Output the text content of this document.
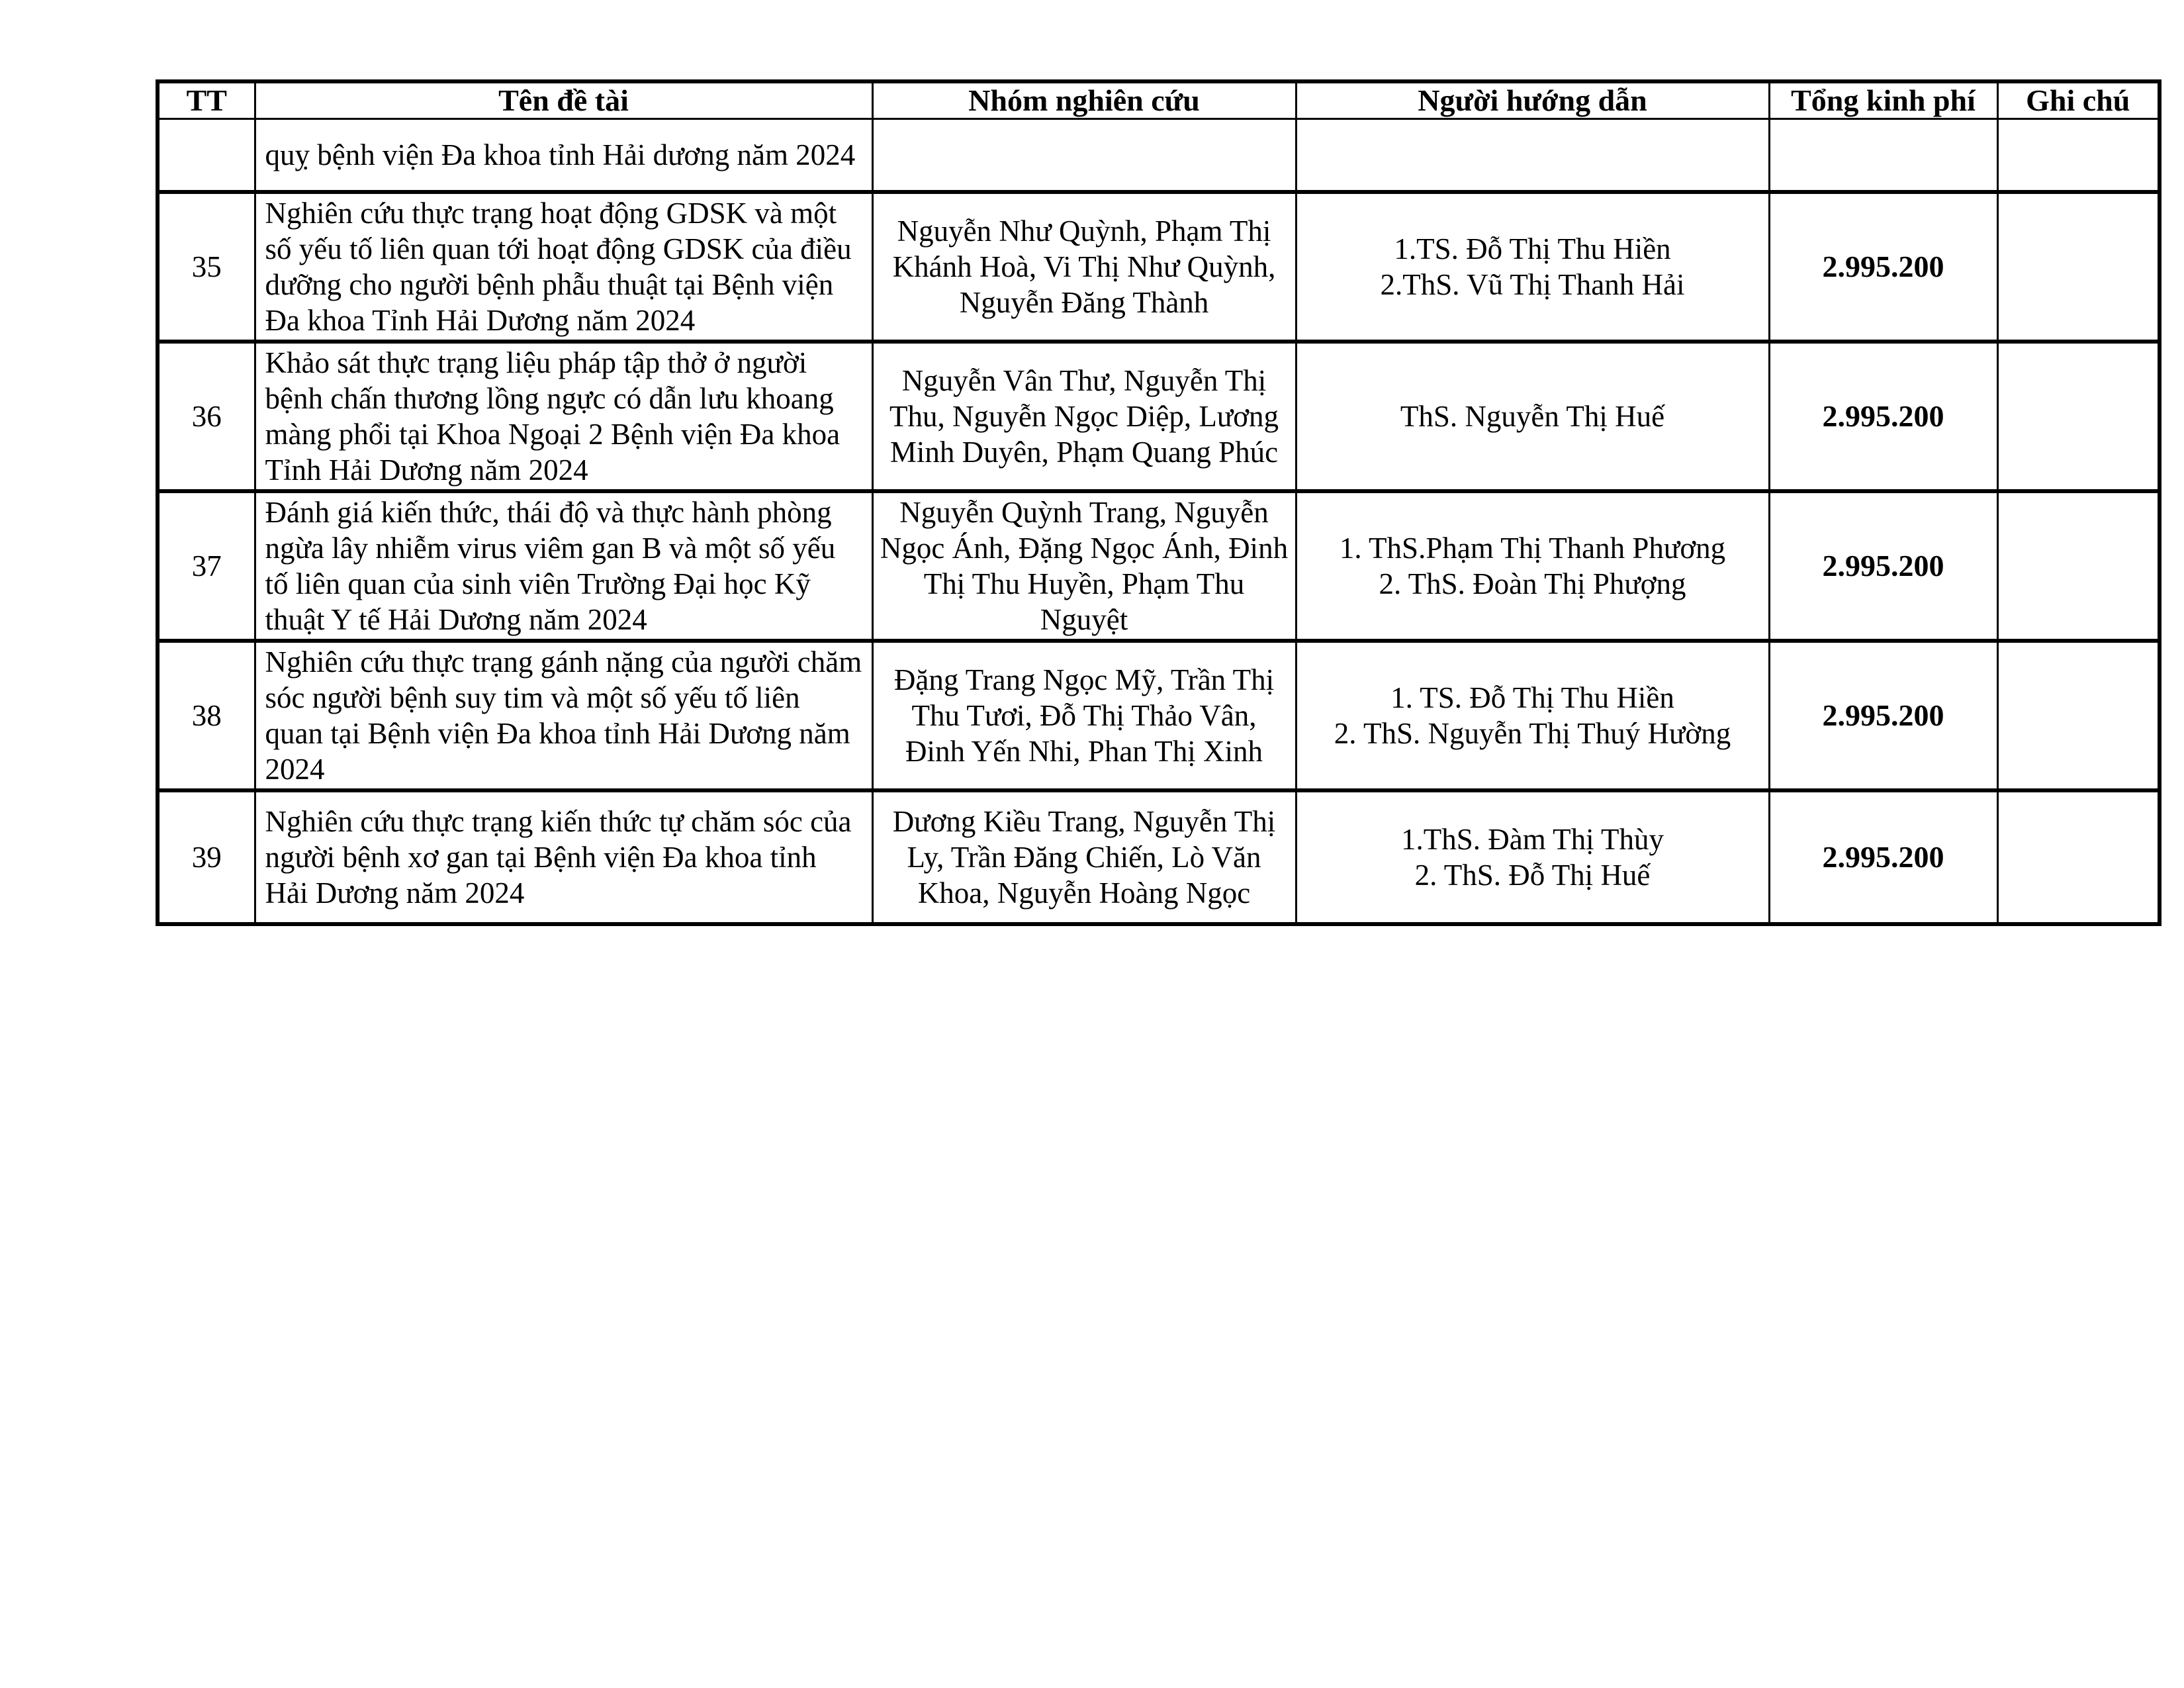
TT	Tên đề tài	Nhóm nghiên cứu	Người hướng dẫn	Tổng kinh phí	Ghi chú
	quỵ bệnh viện Đa khoa tỉnh Hải dương năm 2024		

35	Nghiên cứu thực trạng hoạt động GDSK và một số yếu tố liên quan tới hoạt động GDSK của điều dưỡng cho người bệnh phẫu thuật tại Bệnh viện Đa khoa Tỉnh Hải Dương năm 2024	Nguyễn Như Quỳnh, Phạm Thị Khánh Hoà, Vi Thị Như Quỳnh, Nguyễn Đăng Thành	1.TS. Đỗ Thị Thu Hiền
2.ThS. Vũ Thị Thanh Hải	2.995.200	
36	Khảo sát thực trạng liệu pháp tập thở ở người bệnh chấn thương lồng ngực có dẫn lưu khoang màng phổi tại Khoa Ngoại 2 Bệnh viện Đa khoa Tỉnh Hải Dương năm 2024	Nguyễn Vân Thư, Nguyễn Thị Thu, Nguyễn Ngọc Diệp, Lương Minh Duyên, Phạm Quang Phúc	ThS. Nguyễn Thị Huế	2.995.200	
37	Đánh giá kiến thức, thái độ và thực hành phòng ngừa lây nhiễm virus viêm gan B và một số yếu tố liên quan của sinh viên Trường Đại học Kỹ thuật Y tế Hải Dương năm 2024	Nguyễn Quỳnh Trang, Nguyễn Ngọc Ánh, Đặng Ngọc Ánh, Đinh Thị Thu Huyền, Phạm Thu Nguyệt	1. ThS.Phạm Thị Thanh Phương
2. ThS. Đoàn Thị Phượng	2.995.200	
38	Nghiên cứu thực trạng gánh nặng của người chăm sóc người bệnh suy tim và một số yếu tố liên quan tại Bệnh viện Đa khoa tỉnh Hải Dương năm 2024	Đặng Trang Ngọc Mỹ, Trần Thị Thu Tươi, Đỗ Thị Thảo Vân, Đinh Yến Nhi, Phan Thị Xinh	1. TS. Đỗ Thị Thu Hiền
2. ThS. Nguyễn Thị Thuý Hường	2.995.200	
39	Nghiên cứu thực trạng kiến thức tự chăm sóc của người bệnh xơ gan tại Bệnh viện Đa khoa tỉnh Hải Dương năm 2024	Dương Kiều Trang, Nguyễn Thị Ly, Trần Đăng Chiến, Lò Văn Khoa, Nguyễn Hoàng Ngọc	1.ThS. Đàm Thị Thùy
2. ThS. Đỗ Thị Huế	2.995.200	
